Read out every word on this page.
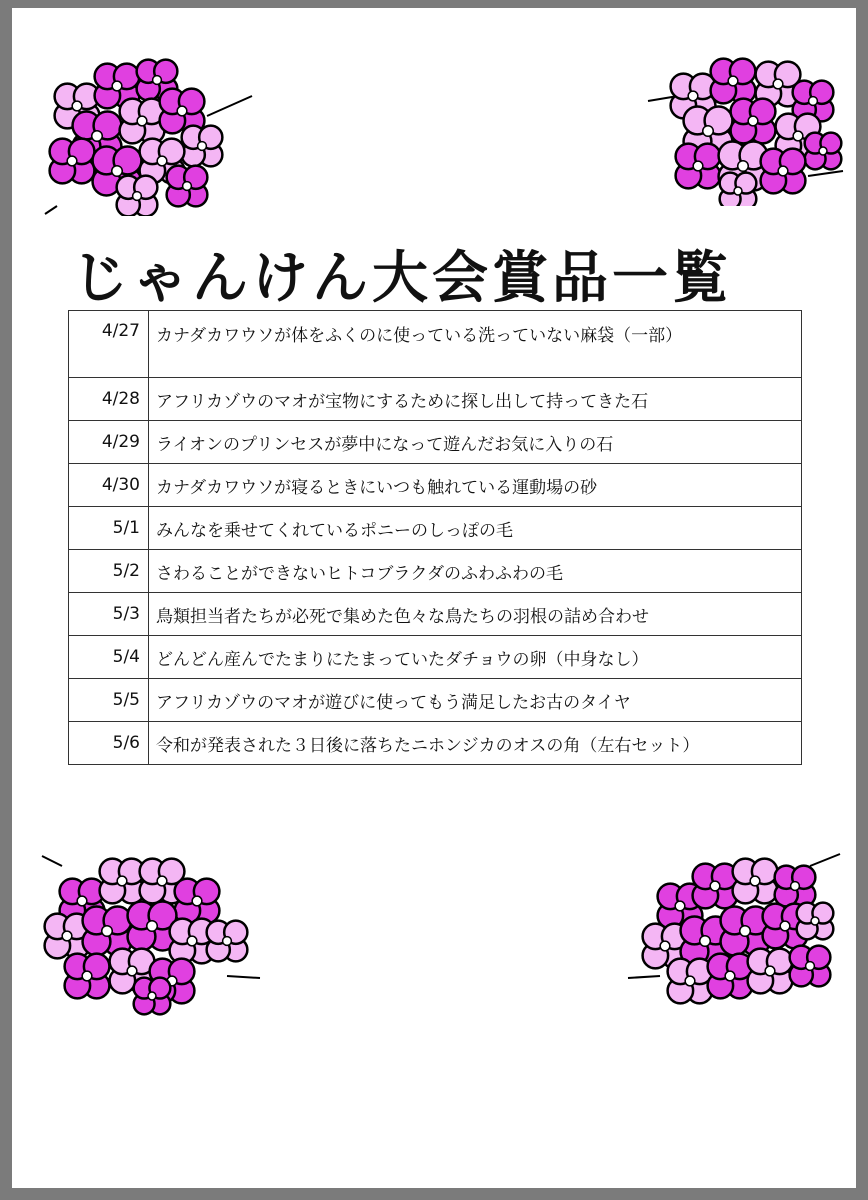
じゃんけん大会賞品一覧
4/27	カナダカワウソが体をふくのに使っている洗っていない麻袋（一部）
4/28	アフリカゾウのマオが宝物にするために探し出して持ってきた石
4/29	ライオンのプリンセスが夢中になって遊んだお気に入りの石
4/30	カナダカワウソが寝るときにいつも触れている運動場の砂
5/1	みんなを乗せてくれているポニーのしっぽの毛
5/2	さわることができないヒトコブラクダのふわふわの毛
5/3	鳥類担当者たちが必死で集めた色々な鳥たちの羽根の詰め合わせ
5/4	どんどん産んでたまりにたまっていたダチョウの卵（中身なし）
5/5	アフリカゾウのマオが遊びに使ってもう満足したお古のタイヤ
5/6	令和が発表された３日後に落ちたニホンジカのオスの角（左右セット）
